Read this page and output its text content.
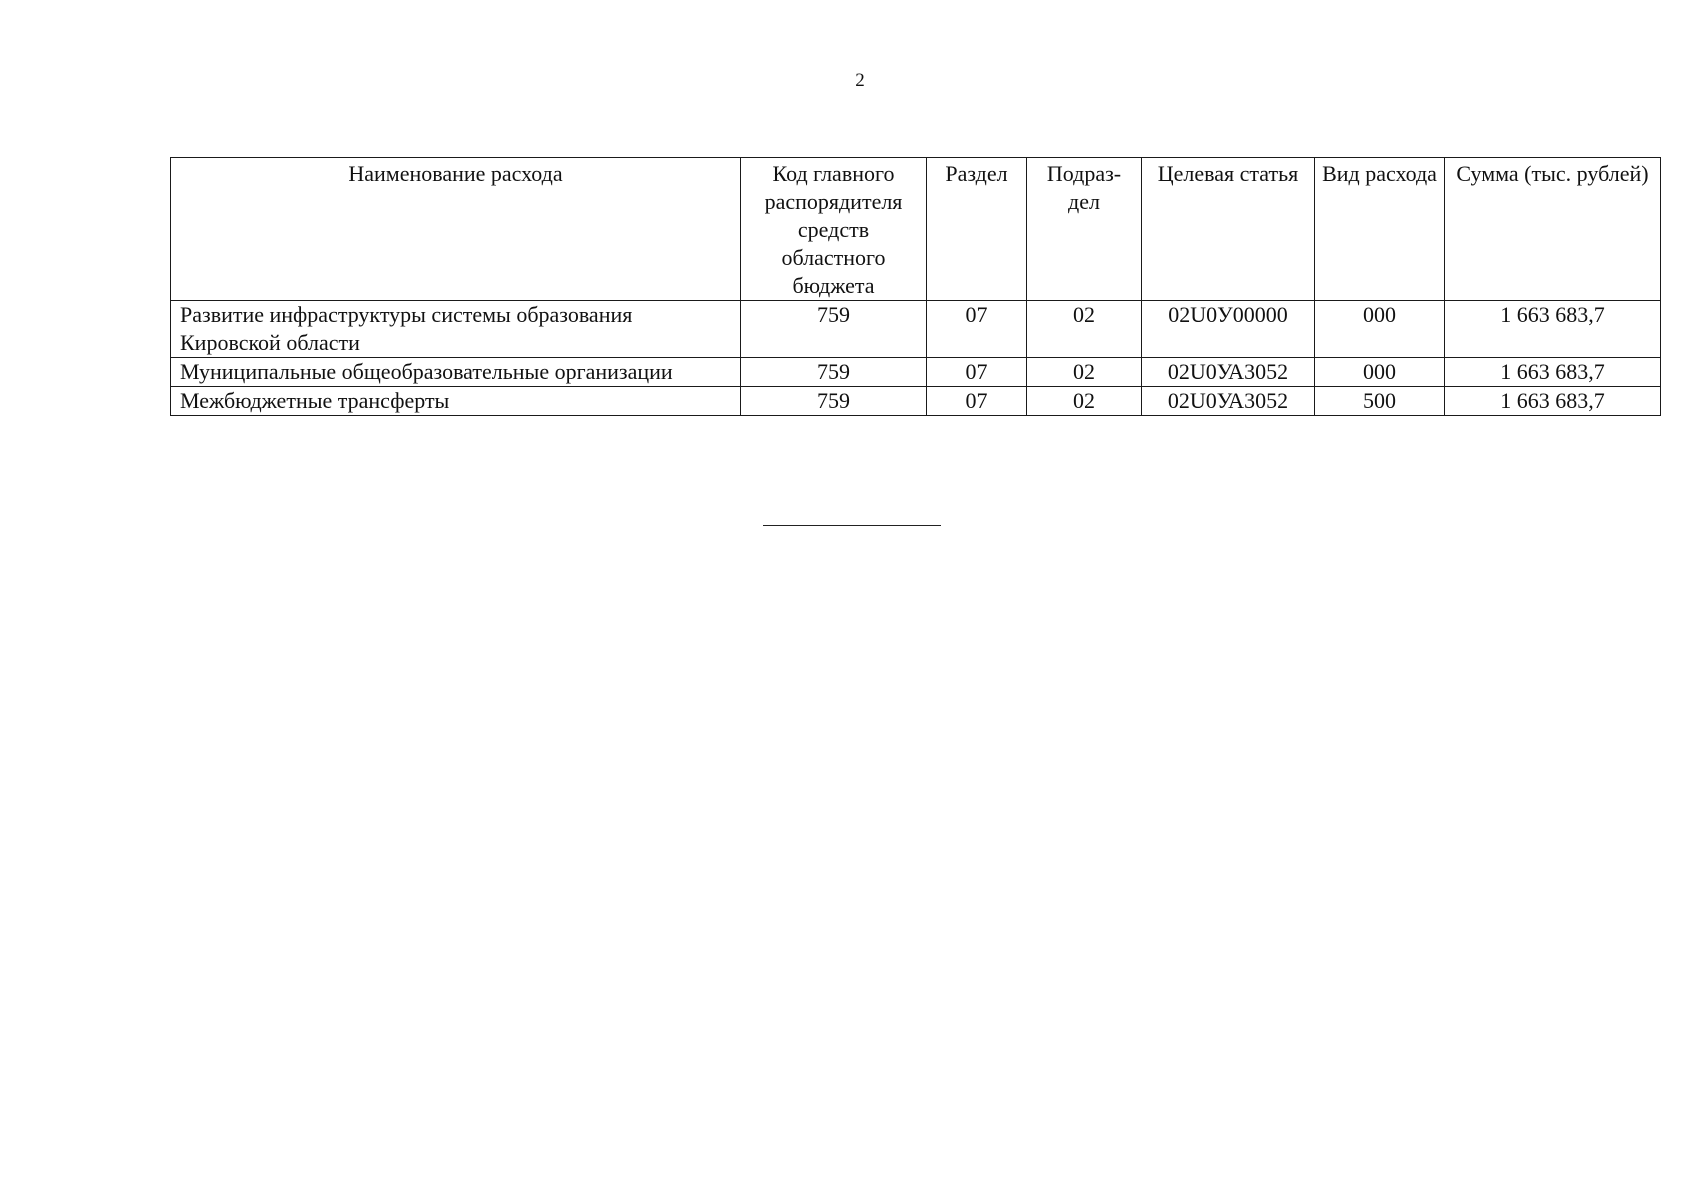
2
Наименование расхода	Код главного распорядителя средств областного бюджета	Раздел	Подраз-дел	Целевая статья	Вид расхода	Сумма (тыс. рублей)
Развитие инфраструктуры системы образования Кировской области	759	07	02	02U0У00000	000	1 663 683,7
Муниципальные общеобразовательные организации	759	07	02	02U0УА3052	000	1 663 683,7
Межбюджетные трансферты	759	07	02	02U0УА3052	500	1 663 683,7
